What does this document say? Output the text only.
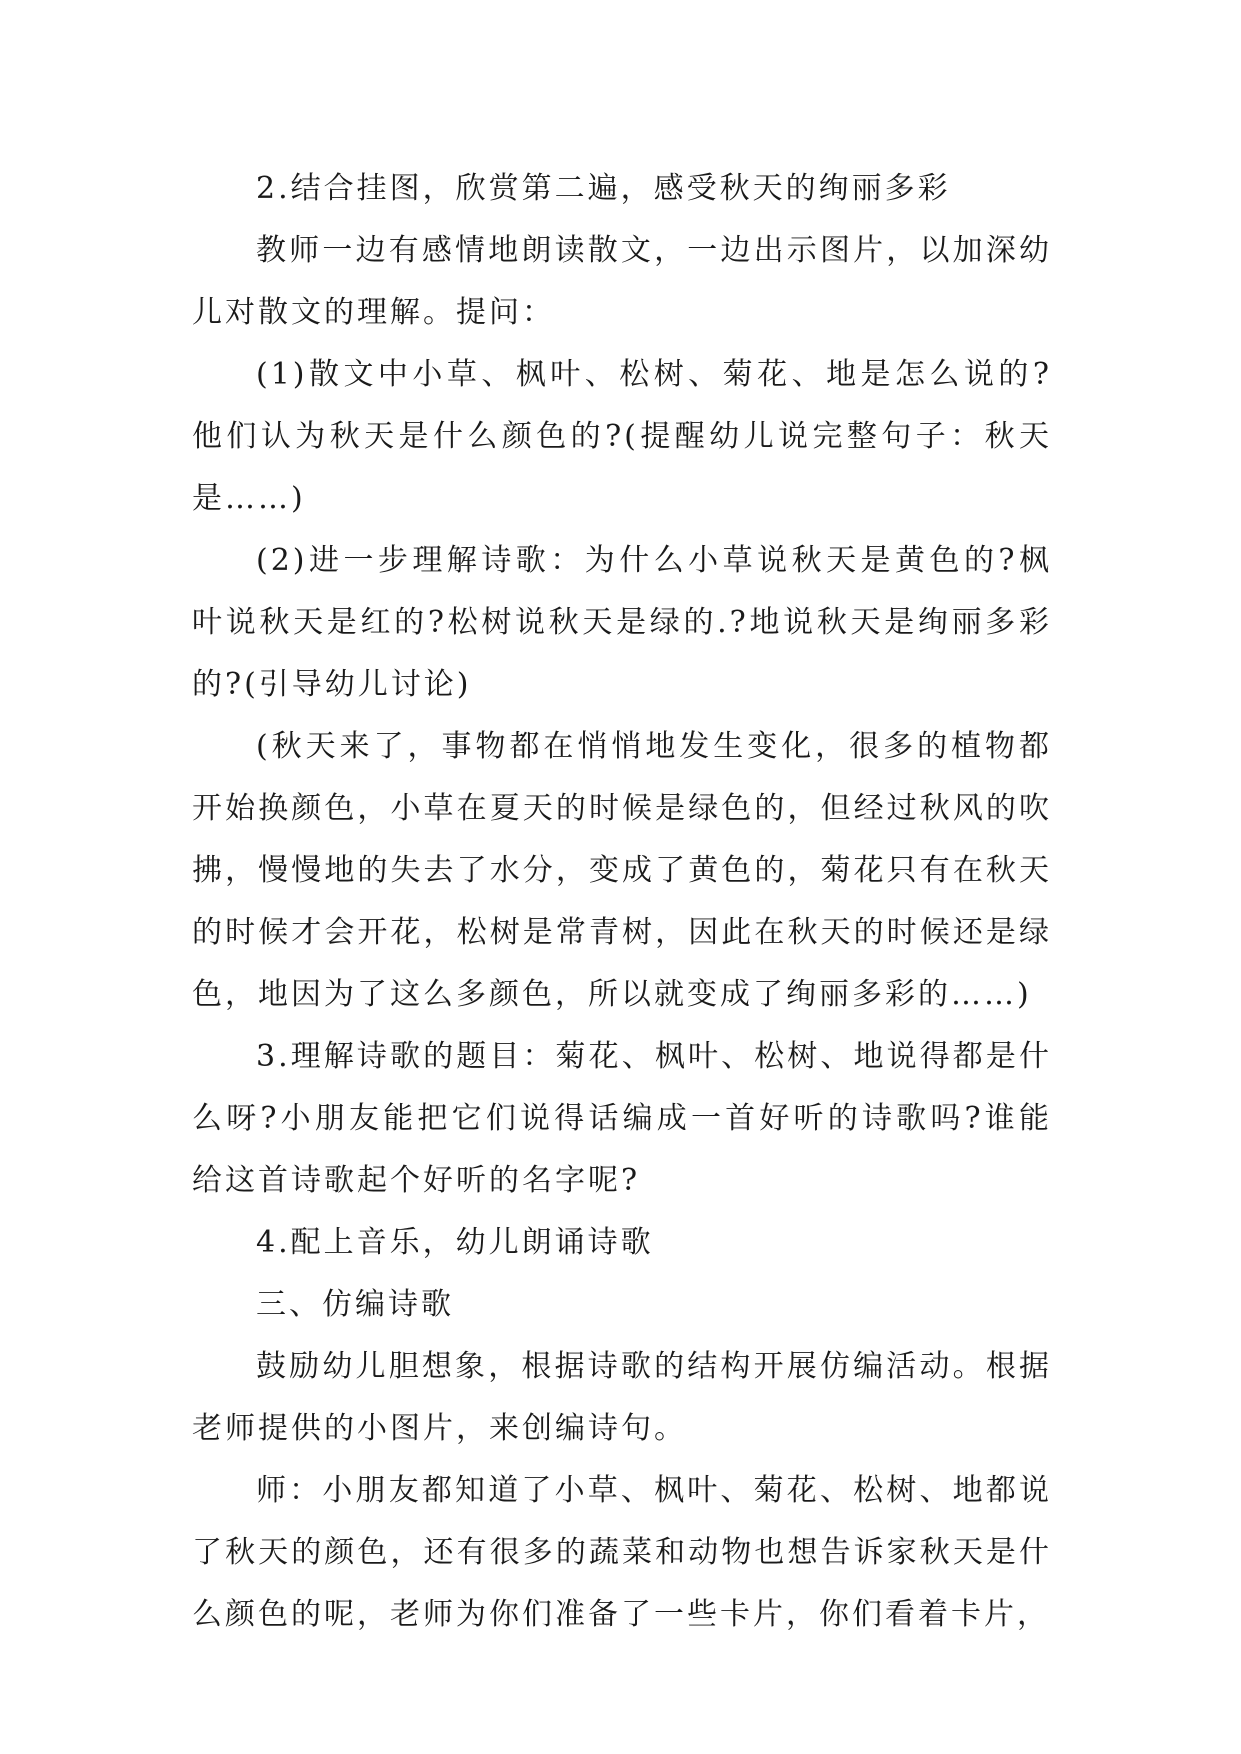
2.结合挂图，欣赏第二遍，感受秋天的绚丽多彩

教师一边有感情地朗读散文，一边出示图片，以加深幼儿对散文的理解。提问：

(1)散文中小草、枫叶、松树、菊花、地是怎么说的?他们认为秋天是什么颜色的?(提醒幼儿说完整句子：秋天是……)

(2)进一步理解诗歌：为什么小草说秋天是黄色的?枫叶说秋天是红的?松树说秋天是绿的.?地说秋天是绚丽多彩的?(引导幼儿讨论)

(秋天来了，事物都在悄悄地发生变化，很多的植物都开始换颜色，小草在夏天的时候是绿色的，但经过秋风的吹拂，慢慢地的失去了水分，变成了黄色的，菊花只有在秋天的时候才会开花，松树是常青树，因此在秋天的时候还是绿色，地因为了这么多颜色，所以就变成了绚丽多彩的……)

3.理解诗歌的题目：菊花、枫叶、松树、地说得都是什么呀?小朋友能把它们说得话编成一首好听的诗歌吗?谁能给这首诗歌起个好听的名字呢?

4.配上音乐，幼儿朗诵诗歌

三、仿编诗歌

鼓励幼儿胆想象，根据诗歌的结构开展仿编活动。根据老师提供的小图片，来创编诗句。

师：小朋友都知道了小草、枫叶、菊花、松树、地都说了秋天的颜色，还有很多的蔬菜和动物也想告诉家秋天是什么颜色的呢，老师为你们准备了一些卡片，你们看着卡片，
